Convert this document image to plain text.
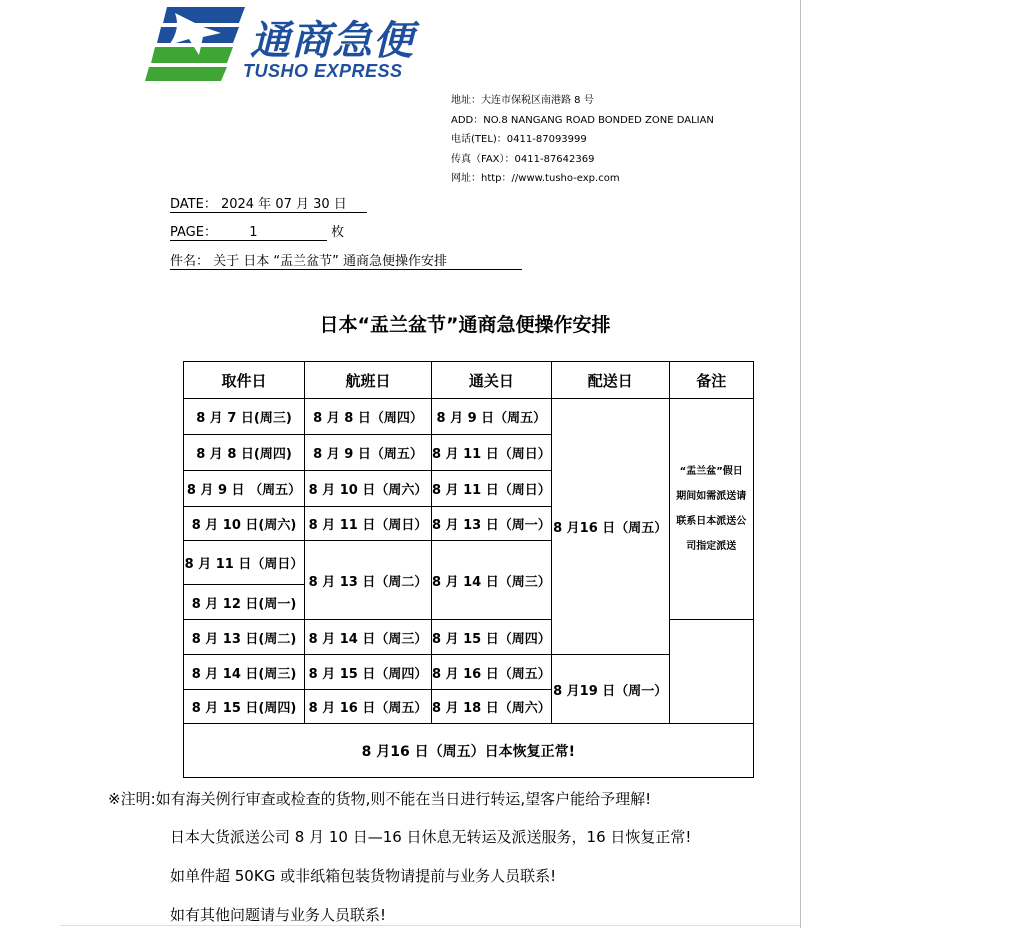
通商急便
TUSHO EXPRESS
地址：大连市保税区南港路 8 号
ADD：NO.8 NANGANG ROAD BONDED ZONE DALIAN
电话(TEL)：0411-87093999
传真（FAX）：0411-87642369
网址：http：//www.tusho-exp.com
DATE： 2024 年 07 月 30 日
PAGE： 1	枚
件名： 关于 日本 “盂兰盆节” 通商急便操作安排
日本“盂兰盆节”通商急便操作安排
取件日	航班日	通关日	配送日	备注
8 月 7 日(周三)	8 月 8 日（周四）	8 月 9 日（周五）	8 月16 日（周五）	“盂兰盆”假日期间如需派送请联系日本派送公司指定派送
8 月 8 日(周四)	8 月 9 日（周五）	8 月 11 日（周日）		
8 月 9 日 （周五）	8 月 10 日（周六）	8 月 11 日（周日）		
8 月 10 日(周六)	8 月 11 日（周日）	8 月 13 日（周一）		
8 月 11 日（周日）	8 月 13 日（周二）	8 月 14 日（周三）		
8 月 12 日(周一)				
8 月 13 日(周二)	8 月 14 日（周三）	8 月 15 日（周四）		
8 月 14 日(周三)	8 月 15 日（周四）	8 月 16 日（周五）	8 月19 日（周一）	
8 月 15 日(周四)	8 月 16 日（周五）	8 月 18 日（周六）		
8 月16 日（周五）日本恢复正常!				
※注明:如有海关例行审查或检查的货物,则不能在当日进行转运,望客户能给予理解!
日本大货派送公司 8 月 10 日—16 日休息无转运及派送服务，16 日恢复正常!
如单件超 50KG 或非纸箱包装货物请提前与业务人员联系!
如有其他问题请与业务人员联系!
